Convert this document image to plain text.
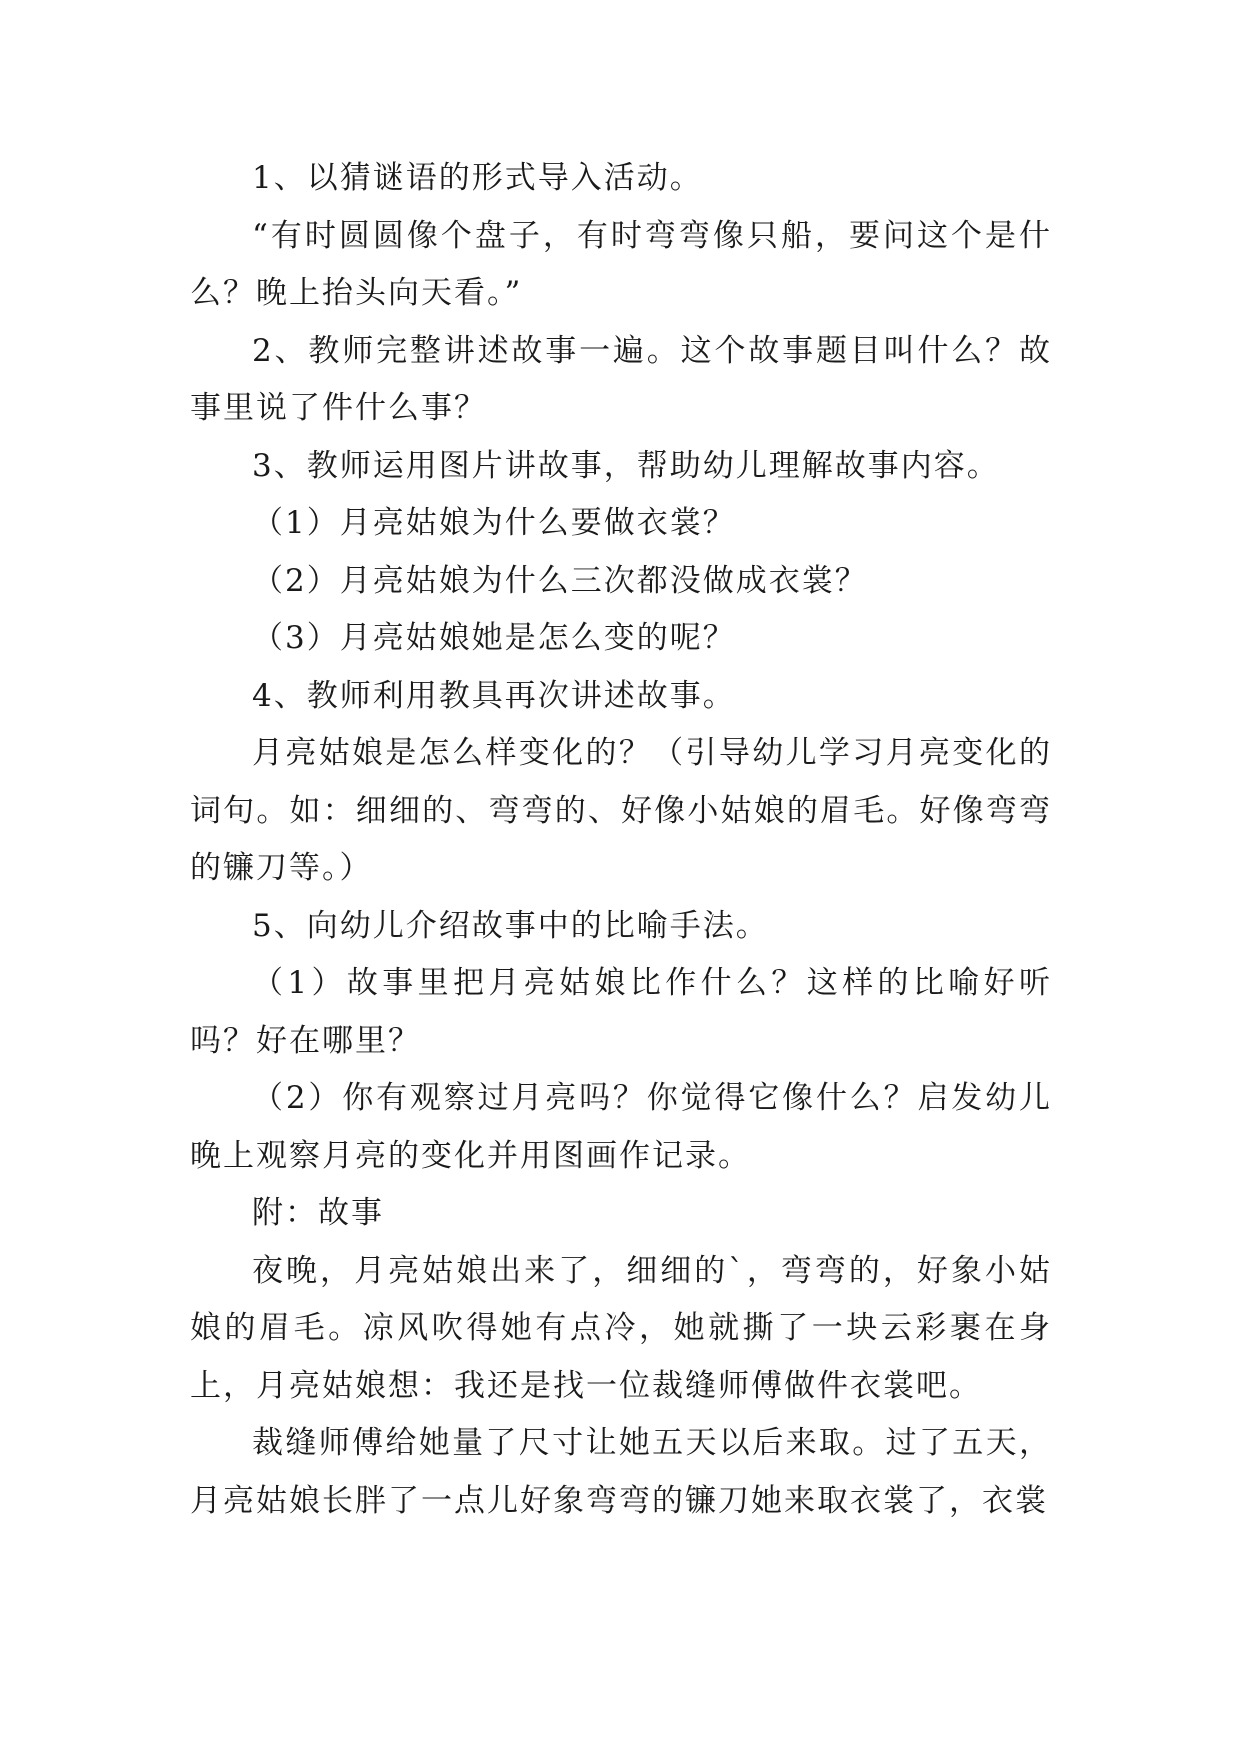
1、以猜谜语的形式导入活动。

“有时圆圆像个盘子，有时弯弯像只船，要问这个是什么？晚上抬头向天看。”

2、教师完整讲述故事一遍。这个故事题目叫什么？故事里说了件什么事？

3、教师运用图片讲故事，帮助幼儿理解故事内容。

（1）月亮姑娘为什么要做衣裳？

（2）月亮姑娘为什么三次都没做成衣裳？

（3）月亮姑娘她是怎么变的呢？

4、教师利用教具再次讲述故事。

月亮姑娘是怎么样变化的？（引导幼儿学习月亮变化的词句。如：细细的、弯弯的、好像小姑娘的眉毛。好像弯弯的镰刀等。）

5、向幼儿介绍故事中的比喻手法。

（1）故事里把月亮姑娘比作什么？这样的比喻好听吗？好在哪里？

（2）你有观察过月亮吗？你觉得它像什么？启发幼儿晚上观察月亮的变化并用图画作记录。

附：故事

夜晚，月亮姑娘出来了，细细的`，弯弯的，好象小姑娘的眉毛。凉风吹得她有点冷，她就撕了一块云彩裹在身上，月亮姑娘想：我还是找一位裁缝师傅做件衣裳吧。

裁缝师傅给她量了尺寸让她五天以后来取。过了五天，月亮姑娘长胖了一点儿好象弯弯的镰刀她来取衣裳了，衣裳
